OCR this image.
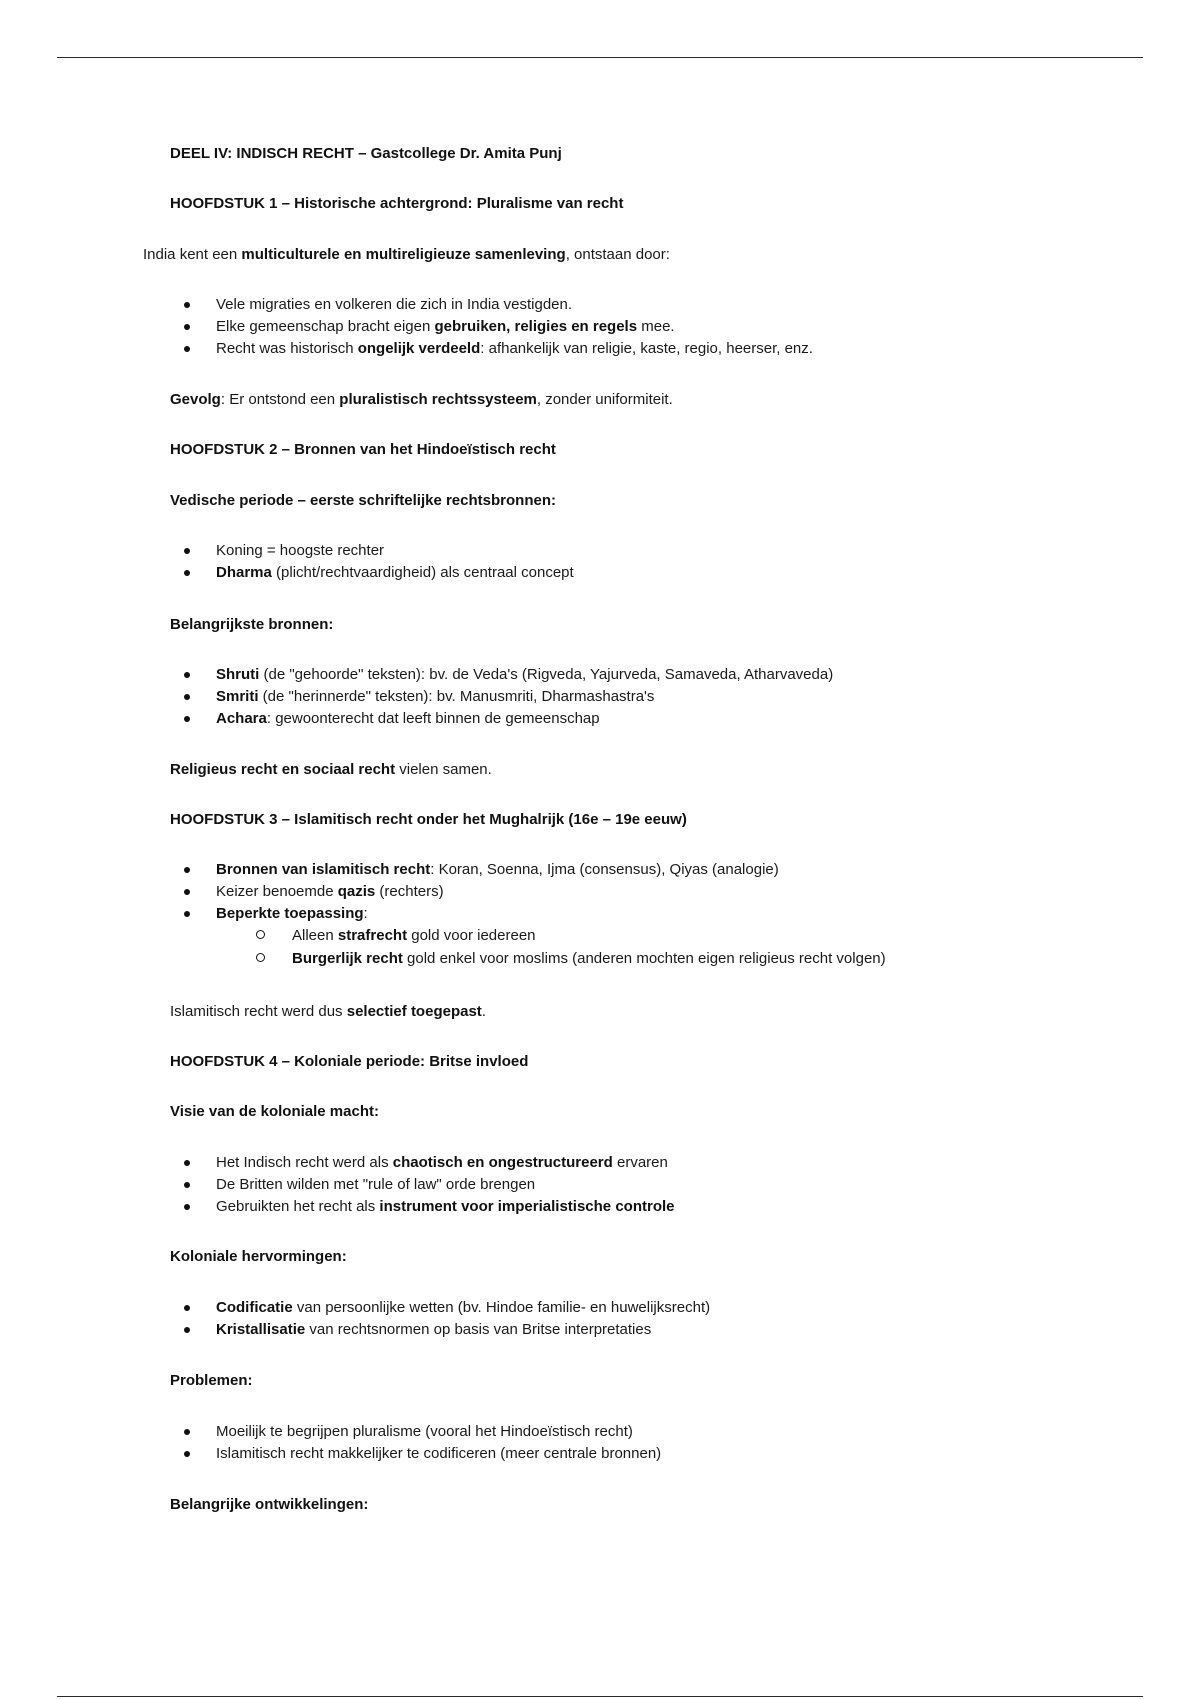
DEEL IV: INDISCH RECHT – Gastcollege Dr. Amita Punj

HOOFDSTUK 1 – Historische achtergrond: Pluralisme van recht

India kent een multiculturele en multireligieuze samenleving, ontstaan door:

Vele migraties en volkeren die zich in India vestigden.
Elke gemeenschap bracht eigen gebruiken, religies en regels mee.
Recht was historisch ongelijk verdeeld: afhankelijk van religie, kaste, regio, heerser, enz.

Gevolg: Er ontstond een pluralistisch rechtssysteem, zonder uniformiteit.

HOOFDSTUK 2 – Bronnen van het Hindoeïstisch recht

Vedische periode – eerste schriftelijke rechtsbronnen:

Koning = hoogste rechter
Dharma (plicht/rechtvaardigheid) als centraal concept

Belangrijkste bronnen:

Shruti (de "gehoorde" teksten): bv. de Veda's (Rigveda, Yajurveda, Samaveda, Atharvaveda)
Smriti (de "herinnerde" teksten): bv. Manusmriti, Dharmashastra's
Achara: gewoonterecht dat leeft binnen de gemeenschap

Religieus recht en sociaal recht vielen samen.

HOOFDSTUK 3 – Islamitisch recht onder het Mughalrijk (16e – 19e eeuw)

Bronnen van islamitisch recht: Koran, Soenna, Ijma (consensus), Qiyas (analogie)
Keizer benoemde qazis (rechters)
Beperkte toepassing:
Alleen strafrecht gold voor iedereen
Burgerlijk recht gold enkel voor moslims (anderen mochten eigen religieus recht volgen)

Islamitisch recht werd dus selectief toegepast.

HOOFDSTUK 4 – Koloniale periode: Britse invloed

Visie van de koloniale macht:

Het Indisch recht werd als chaotisch en ongestructureerd ervaren
De Britten wilden met "rule of law" orde brengen
Gebruikten het recht als instrument voor imperialistische controle

Koloniale hervormingen:

Codificatie van persoonlijke wetten (bv. Hindoe familie- en huwelijksrecht)
Kristallisatie van rechtsnormen op basis van Britse interpretaties

Problemen:

Moeilijk te begrijpen pluralisme (vooral het Hindoeïstisch recht)
Islamitisch recht makkelijker te codificeren (meer centrale bronnen)

Belangrijke ontwikkelingen:
